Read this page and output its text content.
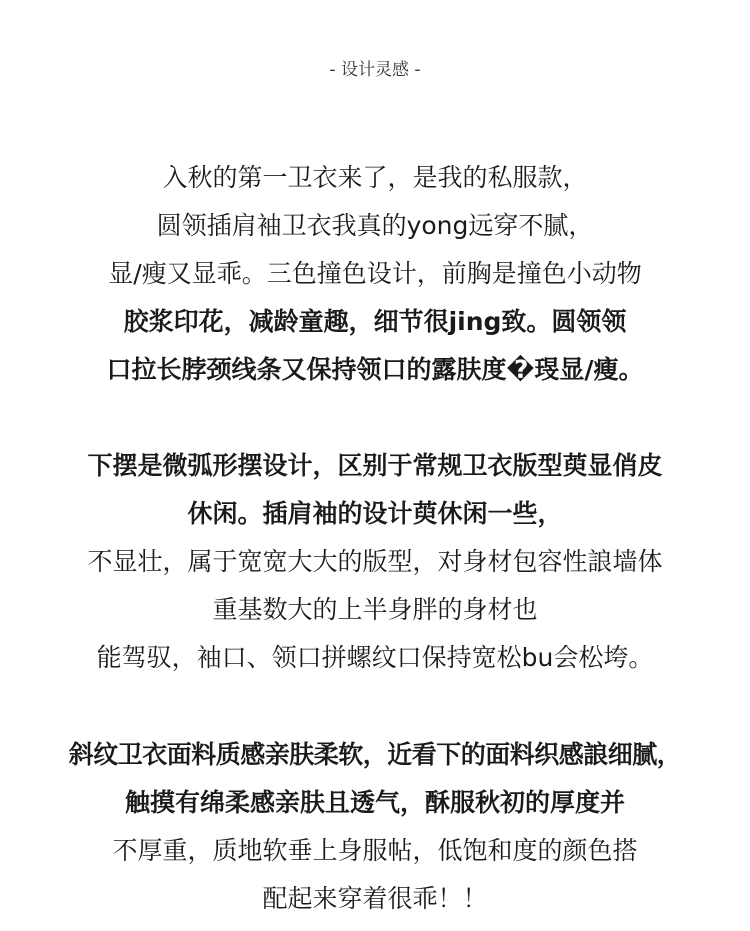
- 设计灵感 -
入秋的第一卫衣来了，是我的私服款，
圆领插肩袖卫衣我真的yong远穿不腻，
显/瘦又显乖。三色撞色设计，前胸是撞色小动物
胶浆印花，减龄童趣，细节很jing致。圆领领
口拉长脖颈线条又保持领口的露肤度�琝显/瘦。
下摆是微弧形摆设计，区别于常规卫衣版型萸显俏皮
休闲。插肩袖的设计萸休闲一些，
不显壮，属于宽宽大大的版型，对身材包容性誏墙体
重基数大的上半身胖的身材也
能驾驭，袖口、领口拼螺纹口保持宽松bu会松垮。
斜纹卫衣面料质感亲肤柔软，近看下的面料织感誏细腻，
触摸有绵柔感亲肤且透气，酥服秋初的厚度并
不厚重，质地软垂上身服帖，低饱和度的颜色搭
配起来穿着很乖！！
